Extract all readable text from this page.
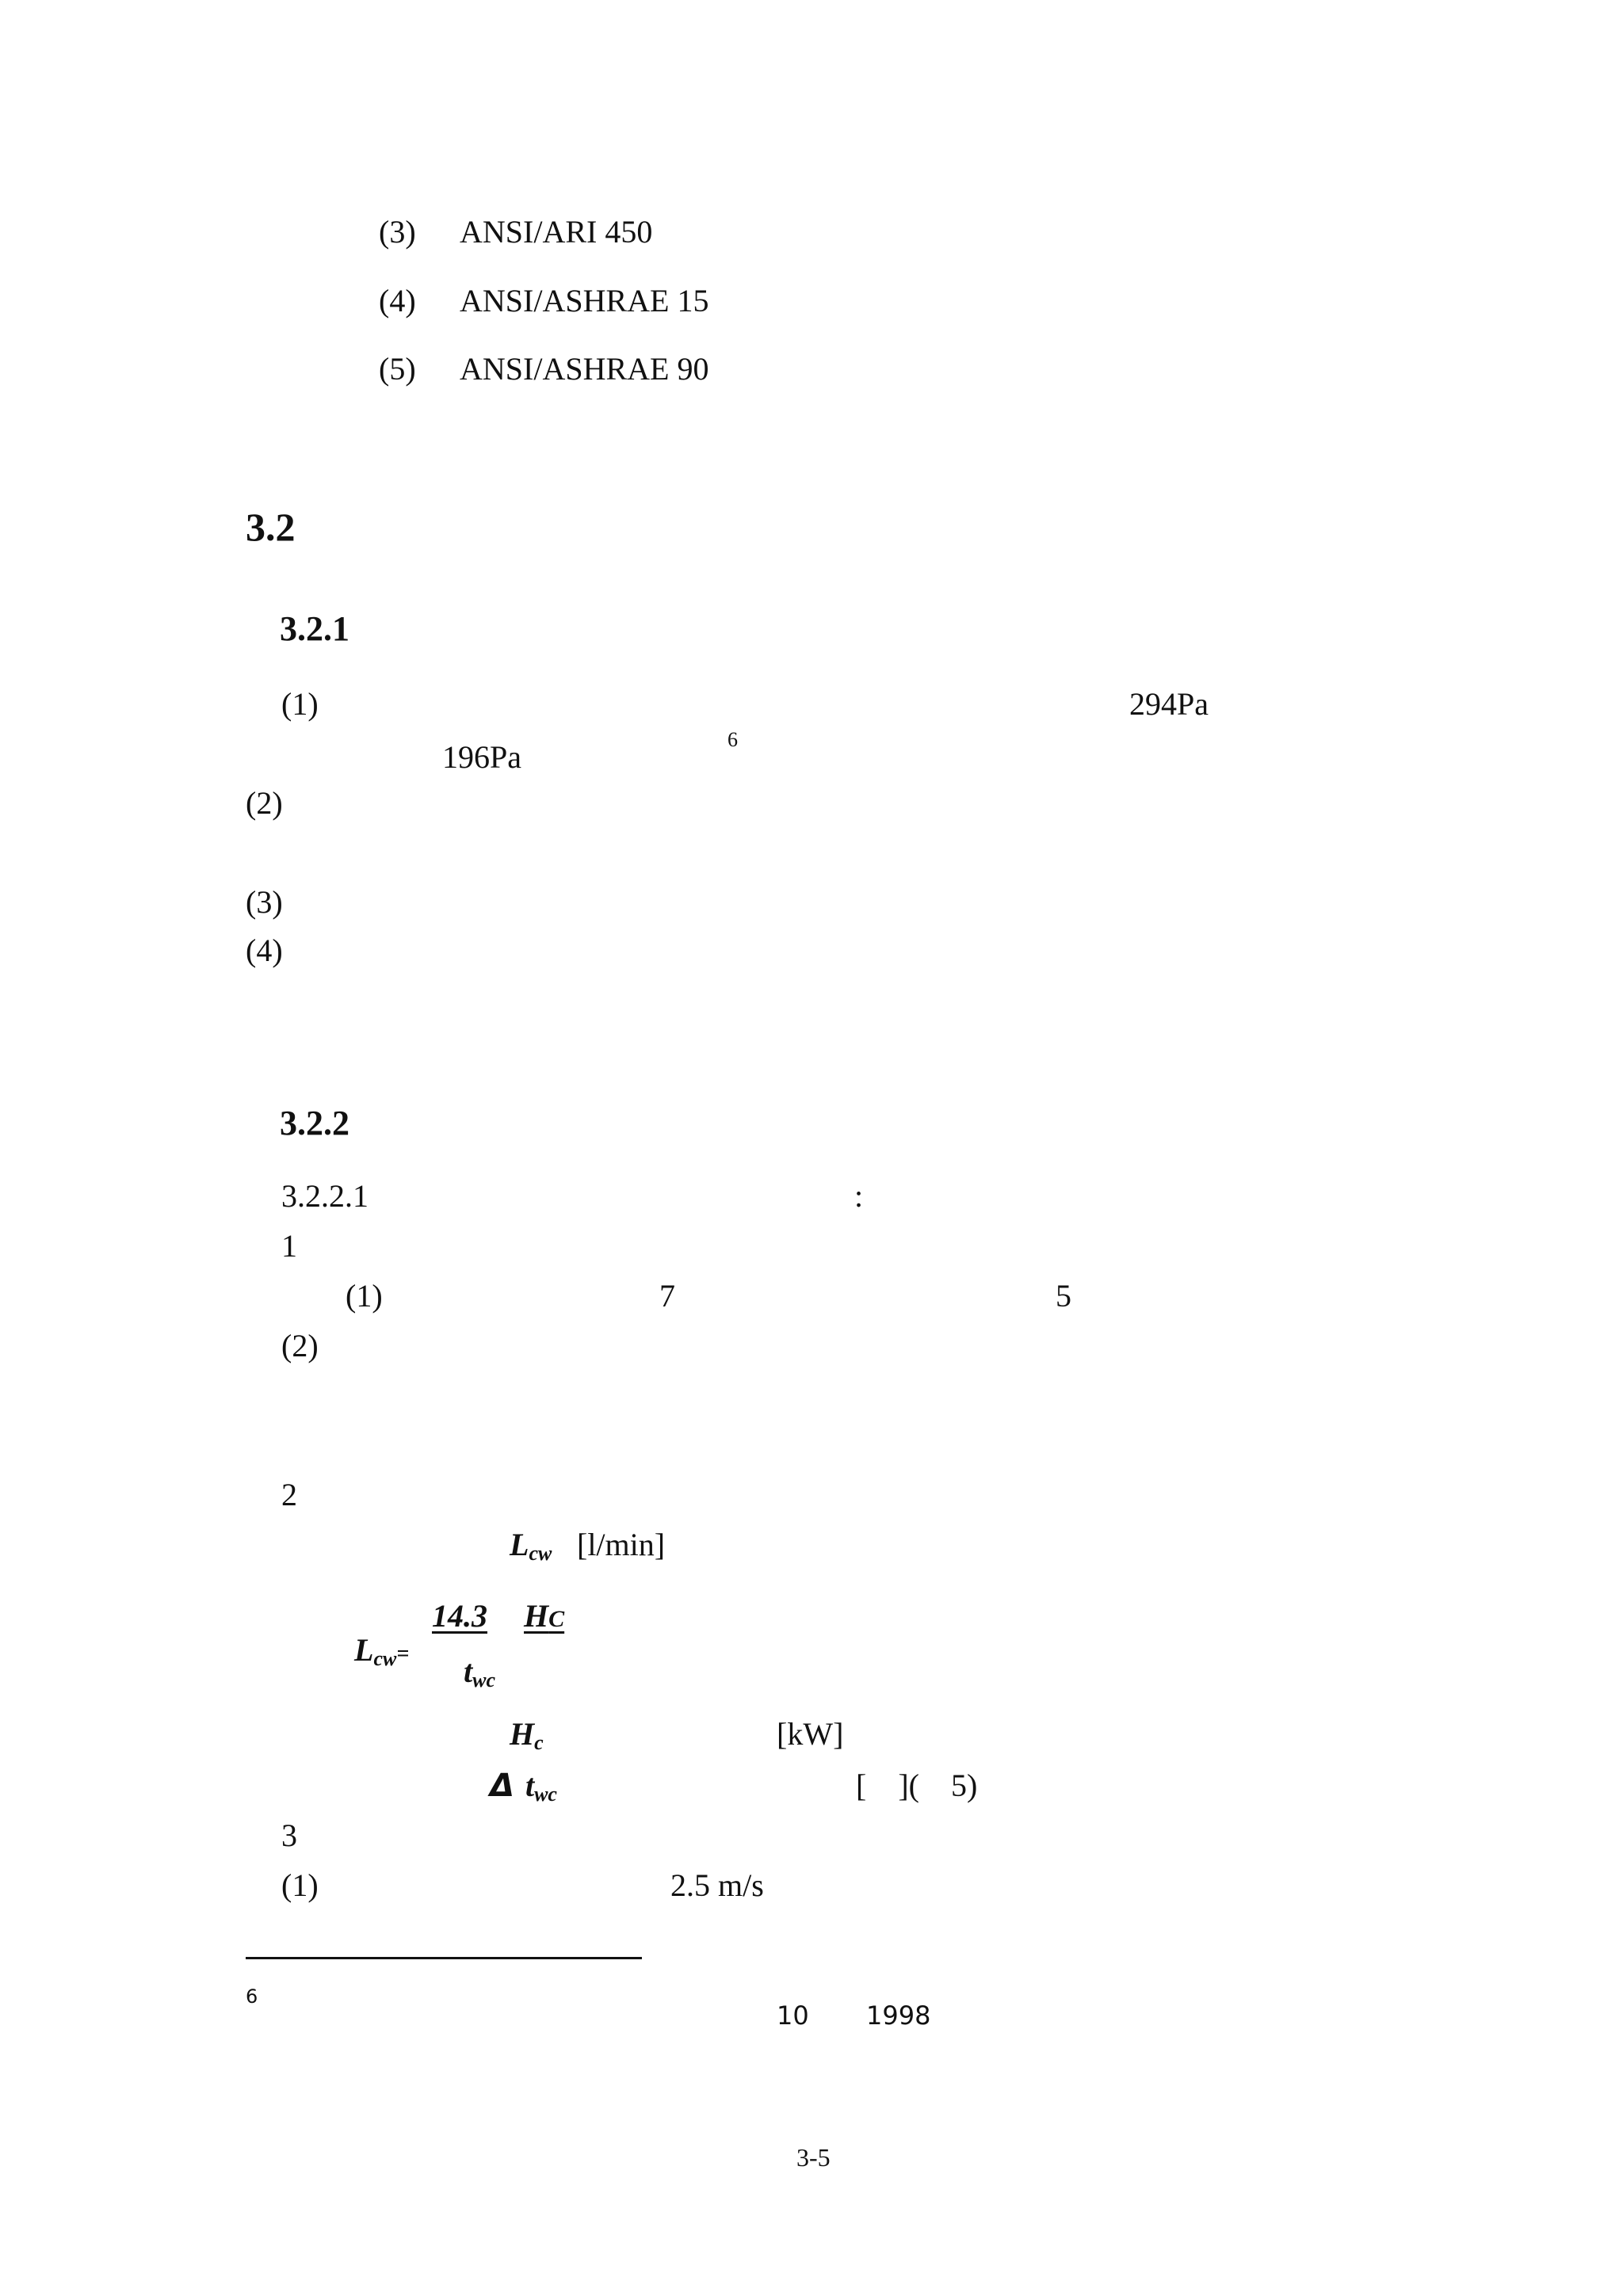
(3) ANSI/ARI 450
(4) ANSI/ASHRAE 15
(5) ANSI/ASHRAE 90
3.2
3.2.1
(1)	294Pa
196Pa	6
(2)
(3)
(4)
3.2.2
3.2.2.1	:
1
(1)	7	5
(2)
2
$L_{cw}$ [l/min]
$L_{cw}=$
14.3 HC
$t_{wc}$
$H_c$	[kW]
Δ $t_{wc}$	[    ](    5)
3
(1)	2.5 m/s
6
10 1998
3-5
